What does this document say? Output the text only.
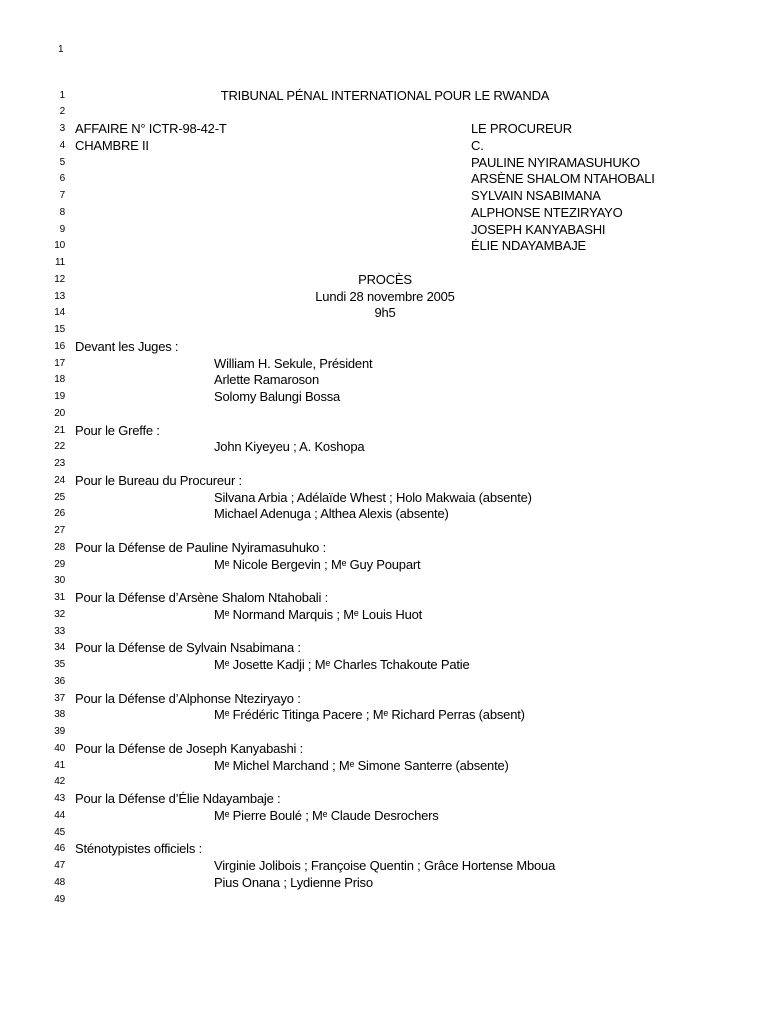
1
1	TRIBUNAL PÉNAL INTERNATIONAL POUR LE RWANDA
2
3 AFFAIRE N° ICTR-98-42-T	LE PROCUREUR
4 CHAMBRE II	C.
5	PAULINE NYIRAMASUHUKO
6	ARSÈNE SHALOM NTAHOBALI
7	SYLVAIN NSABIMANA
8	ALPHONSE NTEZIRYAYO
9	JOSEPH KANYABASHI
10	ÉLIE NDAYAMBAJE
11
12	PROCÈS
13	Lundi 28 novembre 2005
14	9h5
15
16 Devant les Juges :
17	William H. Sekule, Président
18	Arlette Ramaroson
19	Solomy Balungi Bossa
20
21 Pour le Greffe :
22	John Kiyeyeu ; A. Koshopa
23
24 Pour le Bureau du Procureur :
25	Silvana Arbia ; Adélaïde Whest ; Holo Makwaia (absente)
26	Michael Adenuga ; Althea Alexis (absente)
27
28 Pour la Défense de Pauline Nyiramasuhuko :
29	Mᵉ Nicole Bergevin ; Mᵉ Guy Poupart
30
31 Pour la Défense d’Arsène Shalom Ntahobali :
32	Mᵉ Normand Marquis ; Mᵉ Louis Huot
33
34 Pour la Défense de Sylvain Nsabimana :
35	Mᵉ Josette Kadji ; Mᵉ Charles Tchakoute Patie
36
37 Pour la Défense d’Alphonse Nteziryayo :
38	Mᵉ Frédéric Titinga Pacere ; Mᵉ Richard Perras (absent)
39
40 Pour la Défense de Joseph Kanyabashi :
41	Mᵉ Michel Marchand ; Mᵉ Simone Santerre (absente)
42
43 Pour la Défense d’Élie Ndayambaje :
44	Mᵉ Pierre Boulé ; Mᵉ Claude Desrochers
45
46 Sténotypistes officiels :
47	Virginie Jolibois ; Françoise Quentin ; Grâce Hortense Mboua
48	Pius Onana ; Lydienne Priso
49
